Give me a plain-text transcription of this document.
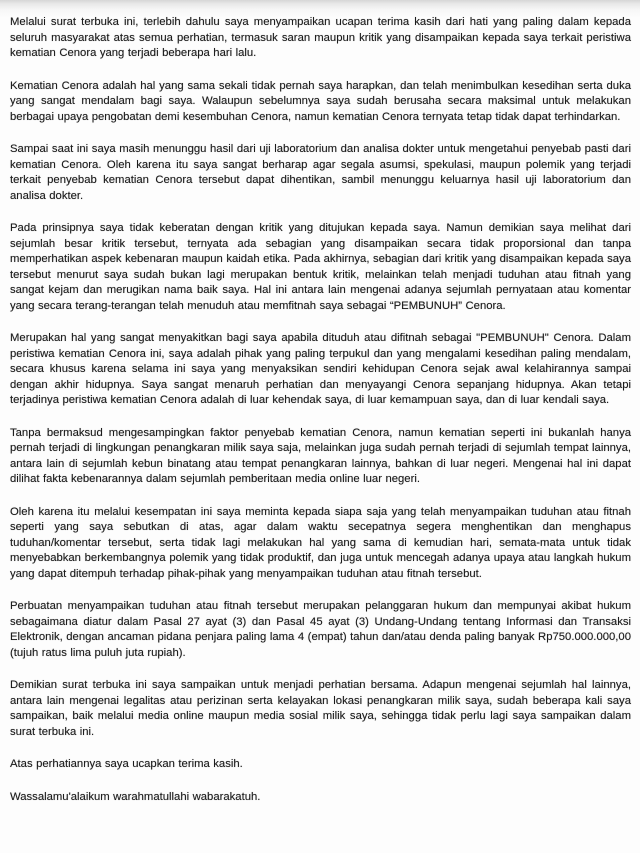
Melalui surat terbuka ini, terlebih dahulu saya menyampaikan ucapan terima kasih dari hati yang paling dalam kepada seluruh masyarakat atas semua perhatian, termasuk saran maupun kritik yang disampaikan kepada saya terkait peristiwa kematian Cenora yang terjadi beberapa hari lalu.

Kematian Cenora adalah hal yang sama sekali tidak pernah saya harapkan, dan telah menimbulkan kesedihan serta duka yang sangat mendalam bagi saya. Walaupun sebelumnya saya sudah berusaha secara maksimal untuk melakukan berbagai upaya pengobatan demi kesembuhan Cenora, namun kematian Cenora ternyata tetap tidak dapat terhindarkan.

Sampai saat ini saya masih menunggu hasil dari uji laboratorium dan analisa dokter untuk mengetahui penyebab pasti dari kematian Cenora. Oleh karena itu saya sangat berharap agar segala asumsi, spekulasi, maupun polemik yang terjadi terkait penyebab kematian Cenora tersebut dapat dihentikan, sambil menunggu keluarnya hasil uji laboratorium dan analisa dokter.

Pada prinsipnya saya tidak keberatan dengan kritik yang ditujukan kepada saya. Namun demikian saya melihat dari sejumlah besar kritik tersebut, ternyata ada sebagian yang disampaikan secara tidak proporsional dan tanpa memperhatikan aspek kebenaran maupun kaidah etika. Pada akhirnya, sebagian dari kritik yang disampaikan kepada saya tersebut menurut saya sudah bukan lagi merupakan bentuk kritik, melainkan telah menjadi tuduhan atau fitnah yang sangat kejam dan merugikan nama baik saya. Hal ini antara lain mengenai adanya sejumlah pernyataan atau komentar yang secara terang-terangan telah menuduh atau memfitnah saya sebagai “PEMBUNUH” Cenora.

Merupakan hal yang sangat menyakitkan bagi saya apabila dituduh atau difitnah sebagai "PEMBUNUH" Cenora. Dalam peristiwa kematian Cenora ini, saya adalah pihak yang paling terpukul dan yang mengalami kesedihan paling mendalam, secara khusus karena selama ini saya yang menyaksikan sendiri kehidupan Cenora sejak awal kelahirannya sampai dengan akhir hidupnya. Saya sangat menaruh perhatian dan menyayangi Cenora sepanjang hidupnya. Akan tetapi terjadinya peristiwa kematian Cenora adalah di luar kehendak saya, di luar kemampuan saya, dan di luar kendali saya.

Tanpa bermaksud mengesampingkan faktor penyebab kematian Cenora, namun kematian seperti ini bukanlah hanya pernah terjadi di lingkungan penangkaran milik saya saja, melainkan juga sudah pernah terjadi di sejumlah tempat lainnya, antara lain di sejumlah kebun binatang atau tempat penangkaran lainnya, bahkan di luar negeri. Mengenai hal ini dapat dilihat fakta kebenarannya dalam sejumlah pemberitaan media online luar negeri.

Oleh karena itu melalui kesempatan ini saya meminta kepada siapa saja yang telah menyampaikan tuduhan atau fitnah seperti yang saya sebutkan di atas, agar dalam waktu secepatnya segera menghentikan dan menghapus tuduhan/komentar tersebut, serta tidak lagi melakukan hal yang sama di kemudian hari, semata-mata untuk tidak menyebabkan berkembangnya polemik yang tidak produktif, dan juga untuk mencegah adanya upaya atau langkah hukum yang dapat ditempuh terhadap pihak-pihak yang menyampaikan tuduhan atau fitnah tersebut.

Perbuatan menyampaikan tuduhan atau fitnah tersebut merupakan pelanggaran hukum dan mempunyai akibat hukum sebagaimana diatur dalam Pasal 27 ayat (3) dan Pasal 45 ayat (3) Undang-Undang tentang Informasi dan Transaksi Elektronik, dengan ancaman pidana penjara paling lama 4 (empat) tahun dan/atau denda paling banyak Rp750.000.000,00 (tujuh ratus lima puluh juta rupiah).

Demikian surat terbuka ini saya sampaikan untuk menjadi perhatian bersama. Adapun mengenai sejumlah hal lainnya, antara lain mengenai legalitas atau perizinan serta kelayakan lokasi penangkaran milik saya, sudah beberapa kali saya sampaikan, baik melalui media online maupun media sosial milik saya, sehingga tidak perlu lagi saya sampaikan dalam surat terbuka ini.

Atas perhatiannya saya ucapkan terima kasih.

Wassalamu'alaikum warahmatullahi wabarakatuh.
